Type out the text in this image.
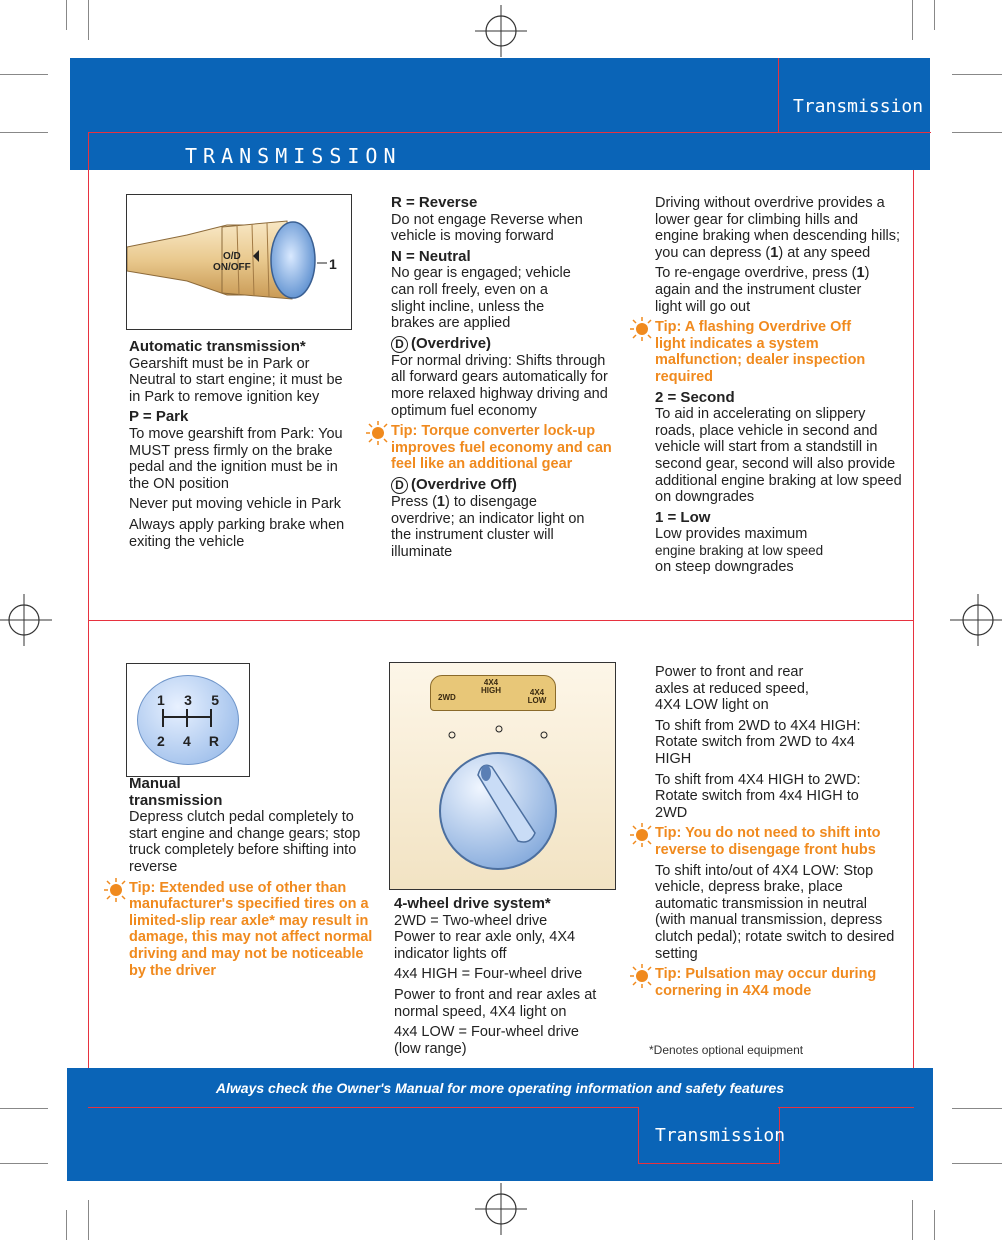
Transmission
TRANSMISSION
O/D
ON/OFF	1
Automatic transmission*

Gearshift must be in Park or Neutral to start engine; it must be in Park to remove ignition key

P = Park

To move gearshift from Park: You MUST press firmly on the brake pedal and the ignition must be in the ON position

Never put moving vehicle in Park

Always apply parking brake when exiting the vehicle

R = Reverse

Do not engage Reverse when vehicle is moving forward

N = Neutral

No gear is engaged; vehicle can roll freely, even on a slight incline, unless the brakes are applied

D (Overdrive)

For normal driving: Shifts through all forward gears automatically for more relaxed highway driving and optimum fuel economy

Tip: Torque converter lock-up improves fuel economy and can feel like an additional gear

D (Overdrive Off)

Press (1) to disengage overdrive; an indicator light on the instrument cluster will illuminate

Driving without overdrive provides a lower gear for climbing hills and engine braking when descending hills; you can depress (1) at any speed

To re-engage overdrive, press (1) again and the instrument cluster light will go out

Tip: A flashing Overdrive Off light indicates a system malfunction; dealer inspection required

2 = Second

To aid in accelerating on slippery roads, place vehicle in second and vehicle will start from a standstill in second gear, second will also provide additional engine braking at low speed on downgrades

1 = Low
Low provides maximum
engine braking at low speed
on steep downgrades
1 3 5
2 4 R
Manual transmission

Depress clutch pedal completely to start engine and change gears; stop truck completely before shifting into reverse

Tip: Extended use of other than manufacturer's specified tires on a limited-slip rear axle* may result in damage, this may not affect normal driving and may not be noticeable by the driver

2WD
4X4 HIGH	4X4 LOW
4-wheel drive system*
2WD = Two-wheel drive

Power to rear axle only, 4X4 indicator lights off

4x4 HIGH = Four-wheel drive

Power to front and rear axles at normal speed, 4X4 light on

4x4 LOW = Four-wheel drive (low range)

Power to front and rear axles at reduced speed, 4X4 LOW light on

To shift from 2WD to 4X4 HIGH: Rotate switch from 2WD to 4x4 HIGH

To shift from 4X4 HIGH to 2WD: Rotate switch from 4x4 HIGH to 2WD

Tip: You do not need to shift into reverse to disengage front hubs

To shift into/out of 4X4 LOW: Stop vehicle, depress brake, place automatic transmission in neutral (with manual transmission, depress clutch pedal); rotate switch to desired setting

Tip: Pulsation may occur during cornering in 4X4 mode

*Denotes optional equipment
Always check the Owner's Manual for more operating information and safety features
Transmission
